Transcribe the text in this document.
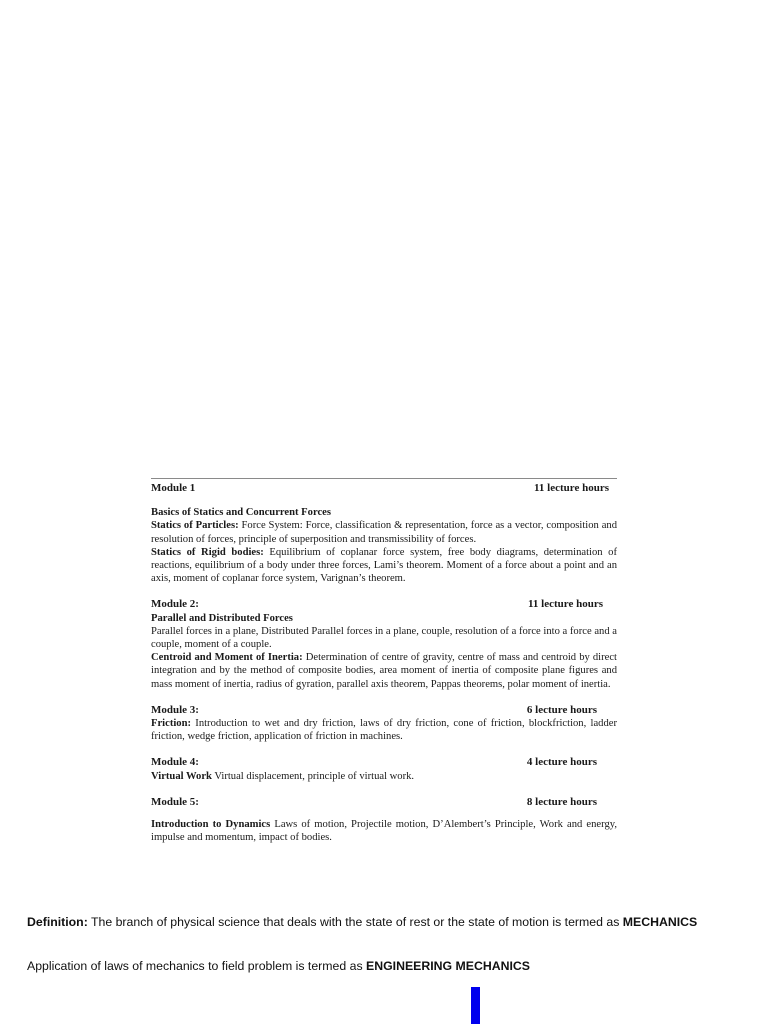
Module 1	11 lecture hours
Basics of Statics and Concurrent Forces

Statics of Particles: Force System: Force, classification & representation, force as a vector, composition and resolution of forces, principle of superposition and transmissibility of forces.

Statics of Rigid bodies: Equilibrium of coplanar force system, free body diagrams, determination of reactions, equilibrium of a body under three forces, Lami’s theorem. Moment of a force about a point and an axis, moment of coplanar force system, Varignan’s theorem.

Module 2:	11 lecture hours
Parallel and Distributed Forces

Parallel forces in a plane, Distributed Parallel forces in a plane, couple, resolution of a force into a force and a couple, moment of a couple.

Centroid and Moment of Inertia: Determination of centre of gravity, centre of mass and centroid by direct integration and by the method of composite bodies, area moment of inertia of composite plane figures and mass moment of inertia, radius of gyration, parallel axis theorem, Pappas theorems, polar moment of inertia.

Module 3:	6 lecture hours

Friction: Introduction to wet and dry friction, laws of dry friction, cone of friction, blockfriction, ladder friction, wedge friction, application of friction in machines.

Module 4:	4 lecture hours

Virtual Work Virtual displacement, principle of virtual work.

Module 5:	8 lecture hours

Introduction to Dynamics Laws of motion, Projectile motion, D’Alembert’s Principle, Work and energy, impulse and momentum, impact of bodies.

Definition: The branch of physical science that deals with the state of rest or the state of motion is termed as MECHANICS
Application of laws of mechanics to field problem is termed as ENGINEERING MECHANICS
